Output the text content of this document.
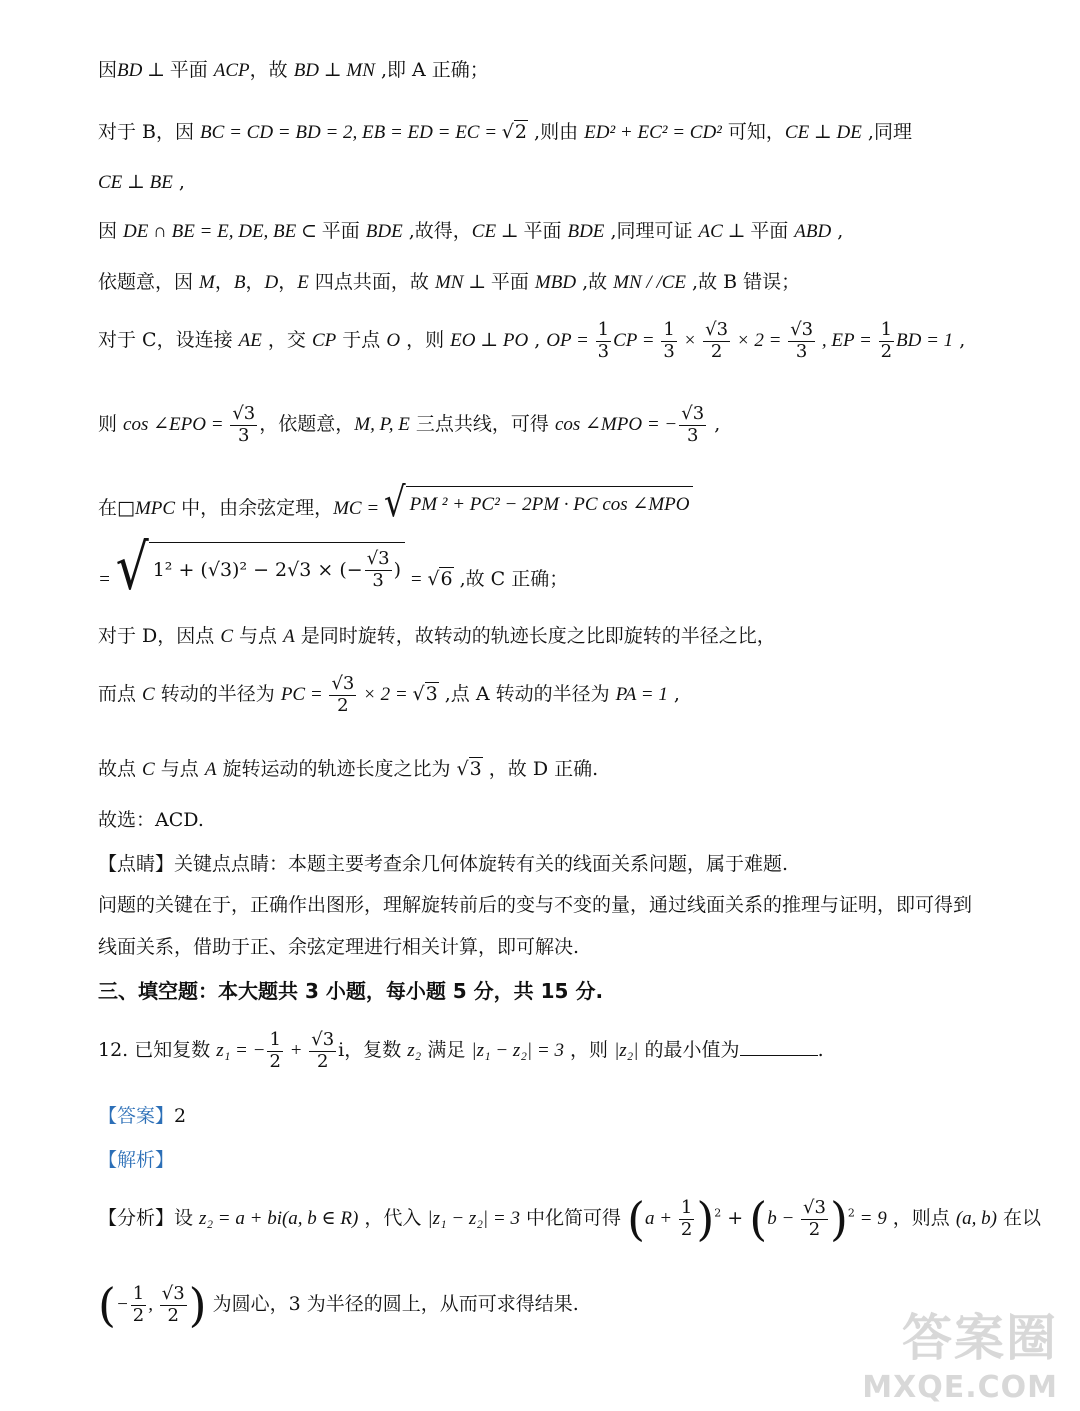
因BD ⊥ 平面 ACP，故 BD ⊥ MN ,即 A 正确；
对于 B，因 BC = CD = BD = 2, EB = ED = EC = √2 ,则由 ED² + EC² = CD² 可知，CE ⊥ DE ,同理
CE ⊥ BE ,
因 DE ∩ BE = E, DE, BE ⊂ 平面 BDE ,故得，CE ⊥ 平面 BDE ,同理可证 AC ⊥ 平面 ABD ,
依题意，因 M，B，D，E 四点共面，故 MN ⊥ 平面 MBD ,故 MN / /CE ,故 B 错误；
对于 C，设连接 AE ，交 CP 于点 O ，则 EO ⊥ PO , OP = $\frac{1}{3}$ CP = $\frac{1}{3} \times \frac{√3}{2} \times 2 = \frac{√3}{3}$ , EP = $\frac{1}{2}$ BD = 1 ,
则 cos ∠EPO = $\frac{√3}{3}$ ，依题意，M, P, E 三点共线，可得 cos ∠MPO = − $\frac{√3}{3}$ ,
在□MPC 中，由余弦定理，MC = √ PM ² + PC² − 2PM · PC cos ∠MPO
= √ 1² + (√3)² − 2√3 × (− $\frac{√3}{3}$ ) = √6 ,故 C 正确；
对于 D，因点 C 与点 A 是同时旋转，故转动的轨迹长度之比即旋转的半径之比，
而点 C 转动的半径为 PC = $\frac{√3}{2} \times 2 = √3$ ,点 A 转动的半径为 PA = 1 ,
故点 C 与点 A 旋转运动的轨迹长度之比为 √3 ，故 D 正确.
故选：ACD.
【点睛】关键点点睛：本题主要考查余几何体旋转有关的线面关系问题，属于难题.
问题的关键在于，正确作出图形，理解旋转前后的变与不变的量，通过线面关系的推理与证明，即可得到
线面关系，借助于正、余弦定理进行相关计算，即可解决.
三、填空题：本大题共 3 小题，每小题 5 分，共 15 分.
12. 已知复数 z₁ = − $\frac{1}{2} + \frac{√3}{2}$ i，复数 z₂ 满足 |z₁ − z₂| = 3 ，则 |z₂| 的最小值为	.
【答案】2
【解析】
【分析】设 z₂ = a + bi(a, b ∈ R) ，代入 |z₁ − z₂| = 3 中化简可得 $(a + \frac{1}{2} )^2 + (b - \frac{√3}{2} )^2 = 9$ ，则点 (a, b) 在以
(− $\frac{1}{2}$ , $\frac{√3}{2}$ ) 为圆心，3 为半径的圆上，从而可求得结果.
答案圈
MXQE.COM
